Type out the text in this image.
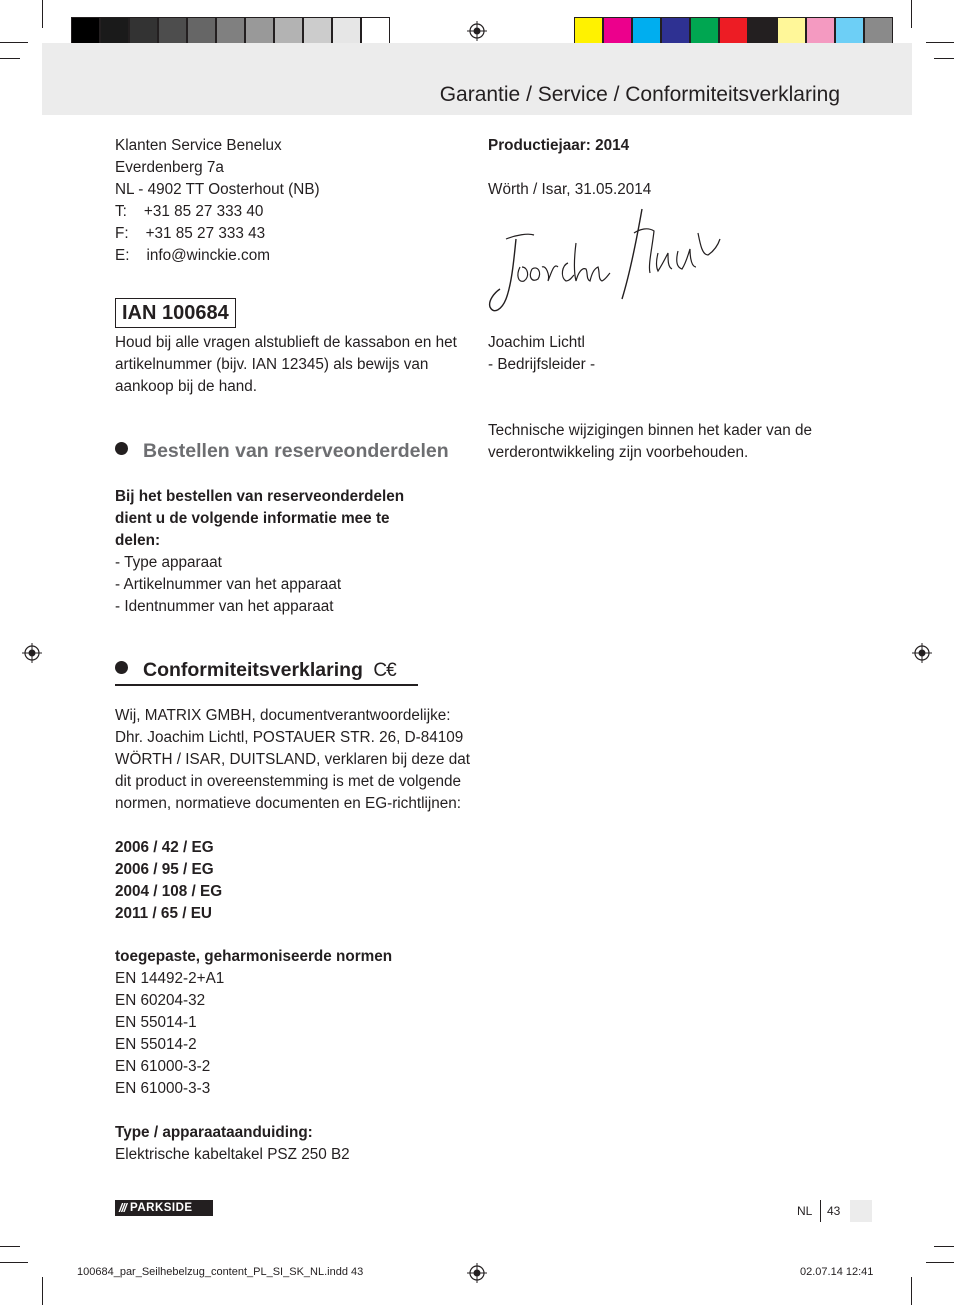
Garantie / Service / Conformiteitsverklaring
Klanten Service Benelux
Everdenberg 7a
NL - 4902 TT Oosterhout (NB)
T:    +31 85 27 333 40
F:    +31 85 27 333 43
E:    info@winckie.com
IAN 100684
Houd bij alle vragen alstublieft de kassabon en het
artikelnummer (bijv. IAN 12345) als bewijs van
aankoop bij de hand.
Bestellen van reserveonderdelen
Bij het bestellen van reserveonderdelen
dient u de volgende informatie mee te
delen:
- Type apparaat
- Artikelnummer van het apparaat
- Identnummer van het apparaat
Conformiteitsverklaring C€
Wij, MATRIX GMBH, documentverantwoordelijke:
Dhr. Joachim Lichtl, POSTAUER STR. 26, D-84109
WÖRTH / ISAR, DUITSLAND, verklaren bij deze dat
dit product in overeenstemming is met de volgende
normen, normatieve documenten en EG-richtlijnen:
2006 / 42 / EG
2006 / 95 / EG
2004 / 108 / EG
2011 / 65 / EU
toegepaste, geharmoniseerde normen
EN 14492-2+A1
EN 60204-32
EN 55014-1
EN 55014-2
EN 61000-3-2
EN 61000-3-3
Type / apparaataanduiding:
Elektrische kabeltakel PSZ 250 B2
Productiejaar: 2014
Wörth / Isar, 31.05.2014
Joachim Lichtl
- Bedrijfsleider -
Technische wijzigingen binnen het kader van de
verderontwikkeling zijn voorbehouden.
/// PARKSIDE	NL 43
100684_par_Seilhebelzug_content_PL_SI_SK_NL.indd 43	02.07.14 12:41
